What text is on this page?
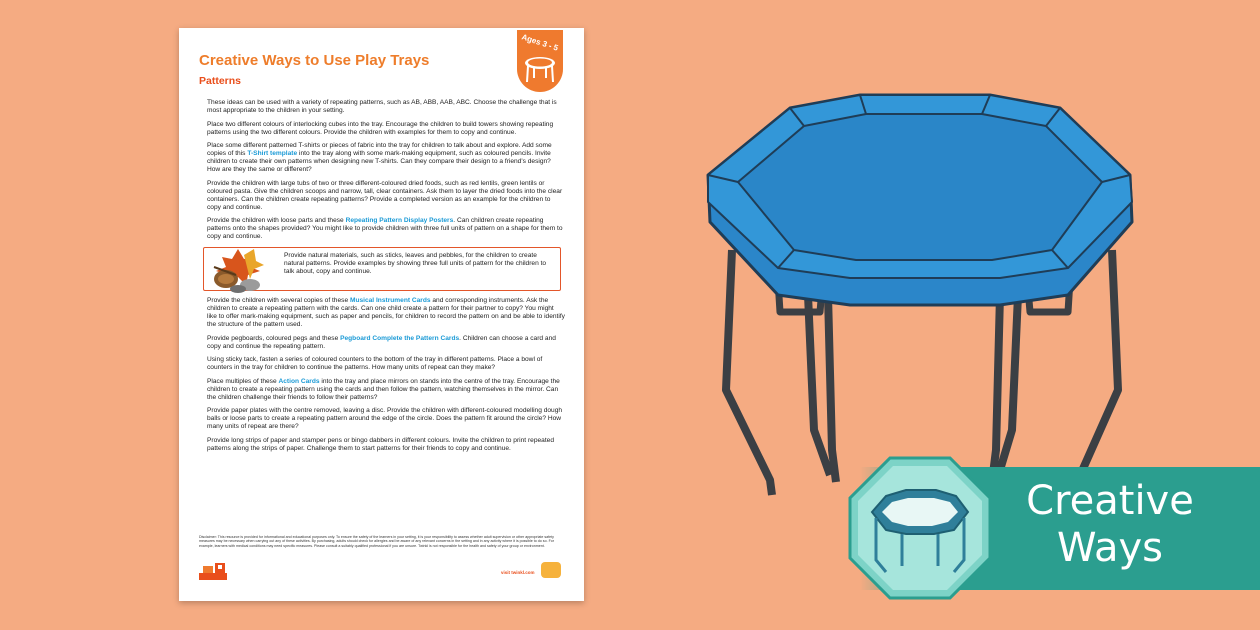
Creative Ways to Use Play Trays
Patterns
Ages 3 - 5

These ideas can be used with a variety of repeating patterns, such as AB, ABB, AAB, ABC. Choose the challenge that is most appropriate to the children in your setting.

Place two different colours of interlocking cubes into the tray. Encourage the children to build towers showing repeating patterns using the two different colours. Provide the children with examples for them to copy and continue.

Place some different patterned T-shirts or pieces of fabric into the tray for children to talk about and explore. Add some copies of this T-Shirt template into the tray along with some mark-making equipment, such as coloured pencils. Invite children to create their own patterns when designing new T-shirts. Can they compare their design to a friend's design? How are they the same or different?

Provide the children with large tubs of two or three different-coloured dried foods, such as red lentils, green lentils or coloured pasta. Give the children scoops and narrow, tall, clear containers. Ask them to layer the dried foods into the clear containers. Can the children create repeating patterns? Provide a completed version as an example for the children to copy and continue.

Provide the children with loose parts and these Repeating Pattern Display Posters. Can children create repeating patterns onto the shapes provided? You might like to provide children with three full units of pattern on a shape for them to copy and continue.

Provide natural materials, such as sticks, leaves and pebbles, for the children to create natural patterns. Provide examples by showing three full units of pattern for the children to talk about, copy and continue.

Provide the children with several copies of these Musical Instrument Cards and corresponding instruments. Ask the children to create a repeating pattern with the cards. Can one child create a pattern for their partner to copy? You might like to offer mark-making equipment, such as paper and pencils, for children to record the pattern on and be able to identify the structure of the pattern used.

Provide pegboards, coloured pegs and these Pegboard Complete the Pattern Cards. Children can choose a card and copy and continue the repeating pattern.

Using sticky tack, fasten a series of coloured counters to the bottom of the tray in different patterns. Place a bowl of counters in the tray for children to continue the patterns. How many units of repeat can they make?

Place multiples of these Action Cards into the tray and place mirrors on stands into the centre of the tray. Encourage the children to create a repeating pattern using the cards and then follow the pattern, watching themselves in the mirror. Can the children challenge their friends to follow their patterns?

Provide paper plates with the centre removed, leaving a disc. Provide the children with different-coloured modelling dough balls or loose parts to create a repeating pattern around the edge of the circle. Does the pattern fit around the circle? How many units of repeat are there?

Provide long strips of paper and stamper pens or bingo dabbers in different colours. Invite the children to print repeated patterns along the strips of paper. Challenge them to start patterns for their friends to copy and continue.

Disclaimer: This resource is provided for informational and educational purposes only. To ensure the safety of the learners in your setting, it is your responsibility to assess whether adult supervision or other appropriate safety measures may be necessary when carrying out any of these activities. By purchasing, adults should check for allergies and be aware of any relevant concerns in the setting and in any activity where it is possible to do so. For example, learners with medical conditions may need specific measures. Please consult a suitably qualified professional if you are unsure. Twinkl is not responsible for the health and safety of your group or environment.
visit twinkl.com
Creative
Ways
